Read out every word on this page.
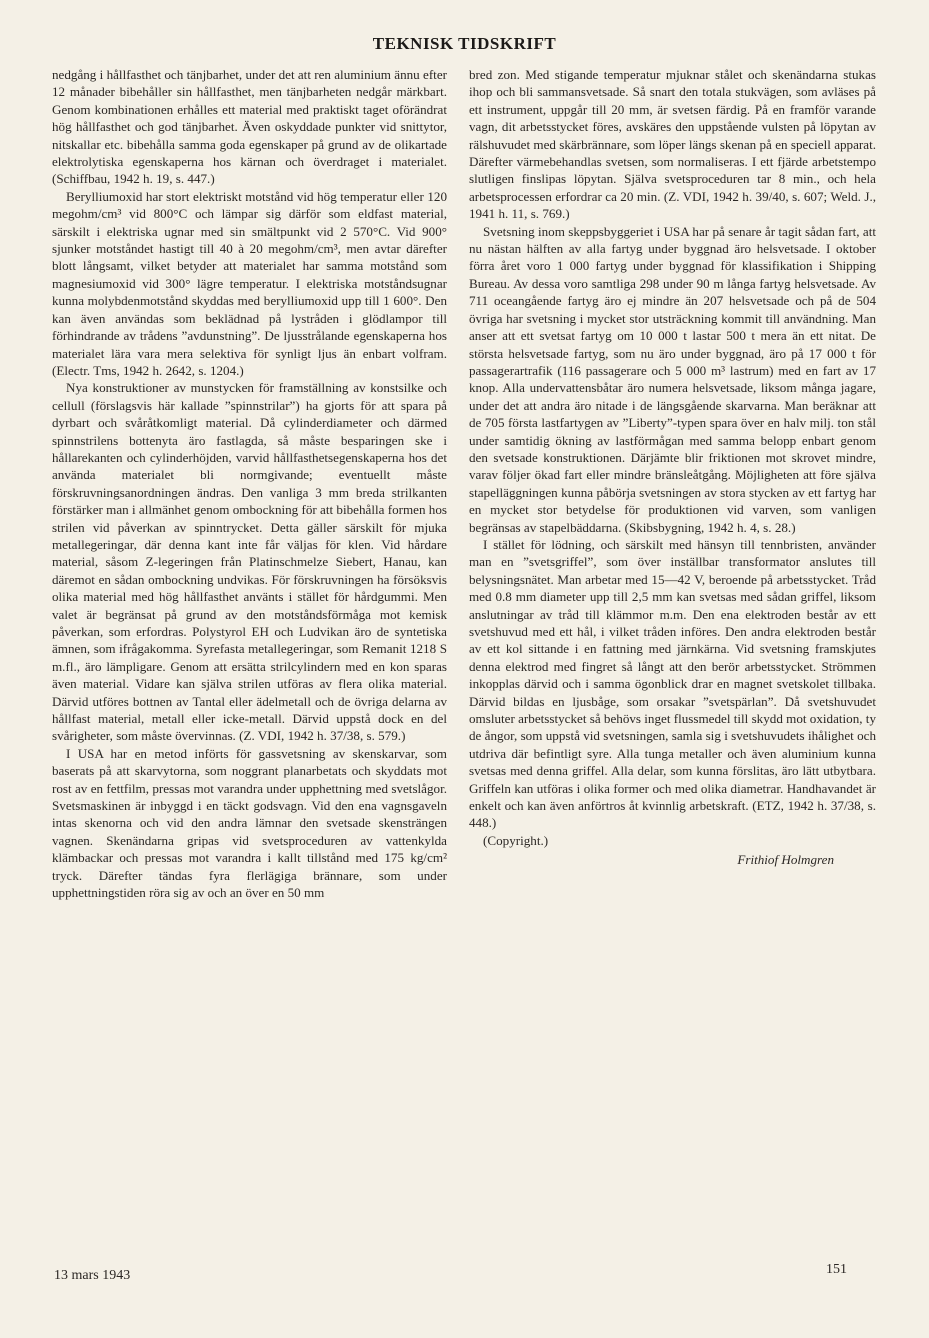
TEKNISK TIDSKRIFT

nedgång i hållfasthet och tänjbarhet, under det att ren aluminium ännu efter 12 månader bibehåller sin hållfasthet, men tänjbarheten nedgår märkbart. Genom kombinationen erhålles ett material med praktiskt taget oförändrat hög hållfasthet och god tänjbarhet. Även oskyddade punkter vid snittytor, nitskallar etc. bibehålla samma goda egenskaper på grund av de olikartade elektrolytiska egenskaperna hos kärnan och överdraget i materialet. (Schiffbau, 1942 h. 19, s. 447.)

Berylliumoxid har stort elektriskt motstånd vid hög temperatur eller 120 megohm/cm³ vid 800°C och lämpar sig därför som eldfast material, särskilt i elektriska ugnar med sin smältpunkt vid 2 570°C. Vid 900° sjunker motståndet hastigt till 40 à 20 megohm/cm³, men avtar därefter blott långsamt, vilket betyder att materialet har samma motstånd som magnesiumoxid vid 300° lägre temperatur. I elektriska motståndsugnar kunna molybdenmotstånd skyddas med berylliumoxid upp till 1 600°. Den kan även användas som beklädnad på lystråden i glödlampor till förhindrande av trådens ”avdunstning”. De ljusstrålande egenskaperna hos materialet lära vara mera selektiva för synligt ljus än enbart volfram. (Electr. Tms, 1942 h. 2642, s. 1204.)

Nya konstruktioner av munstycken för framställning av konstsilke och cellull (förslagsvis här kallade ”spinnstrilar”) ha gjorts för att spara på dyrbart och svåråtkomligt material. Då cylinderdiameter och därmed spinnstrilens bottenyta äro fastlagda, så måste besparingen ske i hållarekanten och cylinderhöjden, varvid hållfasthetsegenskaperna hos det använda materialet bli normgivande; eventuellt måste förskruvningsanordningen ändras. Den vanliga 3 mm breda strilkanten förstärker man i allmänhet genom ombockning för att bibehålla formen hos strilen vid påverkan av spinntrycket. Detta gäller särskilt för mjuka metallegeringar, där denna kant inte får väljas för klen. Vid hårdare material, såsom Z-legeringen från Platinschmelze Siebert, Hanau, kan däremot en sådan ombockning undvikas. För förskruvningen ha försöksvis olika material med hög hållfasthet använts i stället för hårdgummi. Men valet är begränsat på grund av den motståndsförmåga mot kemisk påverkan, som erfordras. Polystyrol EH och Ludvikan äro de syntetiska ämnen, som ifrågakomma. Syrefasta metallegeringar, som Remanit 1218 S m.fl., äro lämpligare. Genom att ersätta strilcylindern med en kon sparas även material. Vidare kan själva strilen utföras av flera olika material. Därvid utföres bottnen av Tantal eller ädelmetall och de övriga delarna av hållfast material, metall eller icke-metall. Därvid uppstå dock en del svårigheter, som måste övervinnas. (Z. VDI, 1942 h. 37/38, s. 579.)

I USA har en metod införts för gassvetsning av skenskarvar, som baserats på att skarvytorna, som noggrant planarbetats och skyddats mot rost av en fettfilm, pressas mot varandra under upphettning med svetslågor. Svetsmaskinen är inbyggd i en täckt godsvagn. Vid den ena vagnsgaveln intas skenorna och vid den andra lämnar den svetsade skensträngen vagnen. Skenändarna gripas vid svetsproceduren av vattenkylda klämbackar och pressas mot varandra i kallt tillstånd med 175 kg/cm² tryck. Därefter tändas fyra flerlägiga brännare, som under upphettningstiden röra sig av och an över en 50 mm

bred zon. Med stigande temperatur mjuknar stålet och skenändarna stukas ihop och bli sammansvetsade. Så snart den totala stukvägen, som avläses på ett instrument, uppgår till 20 mm, är svetsen färdig. På en framför varande vagn, dit arbetsstycket föres, avskäres den uppstående vulsten på löpytan av rälshuvudet med skärbrännare, som löper längs skenan på en speciell apparat. Därefter värmebehandlas svetsen, som normaliseras. I ett fjärde arbetstempo slutligen finslipas löpytan. Själva svetsproceduren tar 8 min., och hela arbetsprocessen erfordrar ca 20 min. (Z. VDI, 1942 h. 39/40, s. 607; Weld. J., 1941 h. 11, s. 769.)

Svetsning inom skeppsbyggeriet i USA har på senare år tagit sådan fart, att nu nästan hälften av alla fartyg under byggnad äro helsvetsade. I oktober förra året voro 1 000 fartyg under byggnad för klassifikation i Shipping Bureau. Av dessa voro samtliga 298 under 90 m långa fartyg helsvetsade. Av 711 oceangående fartyg äro ej mindre än 207 helsvetsade och på de 504 övriga har svetsning i mycket stor utsträckning kommit till användning. Man anser att ett svetsat fartyg om 10 000 t lastar 500 t mera än ett nitat. De största helsvetsade fartyg, som nu äro under byggnad, äro på 17 000 t för passagerartrafik (116 passagerare och 5 000 m³ lastrum) med en fart av 17 knop. Alla undervattensbåtar äro numera helsvetsade, liksom många jagare, under det att andra äro nitade i de längsgående skarvarna. Man beräknar att de 705 första lastfartygen av ”Liberty”-typen spara över en halv milj. ton stål under samtidig ökning av lastförmågan med samma belopp enbart genom den svetsade konstruktionen. Därjämte blir friktionen mot skrovet mindre, varav följer ökad fart eller mindre bränsleåtgång. Möjligheten att före själva stapelläggningen kunna påbörja svetsningen av stora stycken av ett fartyg har en mycket stor betydelse för produktionen vid varven, som vanligen begränsas av stapelbäddarna. (Skibsbygning, 1942 h. 4, s. 28.)

I stället för lödning, och särskilt med hänsyn till tennbristen, använder man en ”svetsgriffel”, som över inställbar transformator anslutes till belysningsnätet. Man arbetar med 15—42 V, beroende på arbetsstycket. Tråd med 0.8 mm diameter upp till 2,5 mm kan svetsas med sådan griffel, liksom anslutningar av tråd till klämmor m.m. Den ena elektroden består av ett svetshuvud med ett hål, i vilket tråden införes. Den andra elektroden består av ett kol sittande i en fattning med järnkärna. Vid svetsning framskjutes denna elektrod med fingret så långt att den berör arbetsstycket. Strömmen inkopplas därvid och i samma ögonblick drar en magnet svetskolet tillbaka. Därvid bildas en ljusbåge, som orsakar ”svetspärlan”. Då svetshuvudet omsluter arbetsstycket så behövs inget flussmedel till skydd mot oxidation, ty de ångor, som uppstå vid svetsningen, samla sig i svetshuvudets ihålighet och utdriva där befintligt syre. Alla tunga metaller och även aluminium kunna svetsas med denna griffel. Alla delar, som kunna förslitas, äro lätt utbytbara. Griffeln kan utföras i olika former och med olika diametrar. Handhavandet är enkelt och kan även anförtros åt kvinnlig arbetskraft. (ETZ, 1942 h. 37/38, s. 448.)

(Copyright.)

Frithiof Holmgren

13 mars 1943	151
